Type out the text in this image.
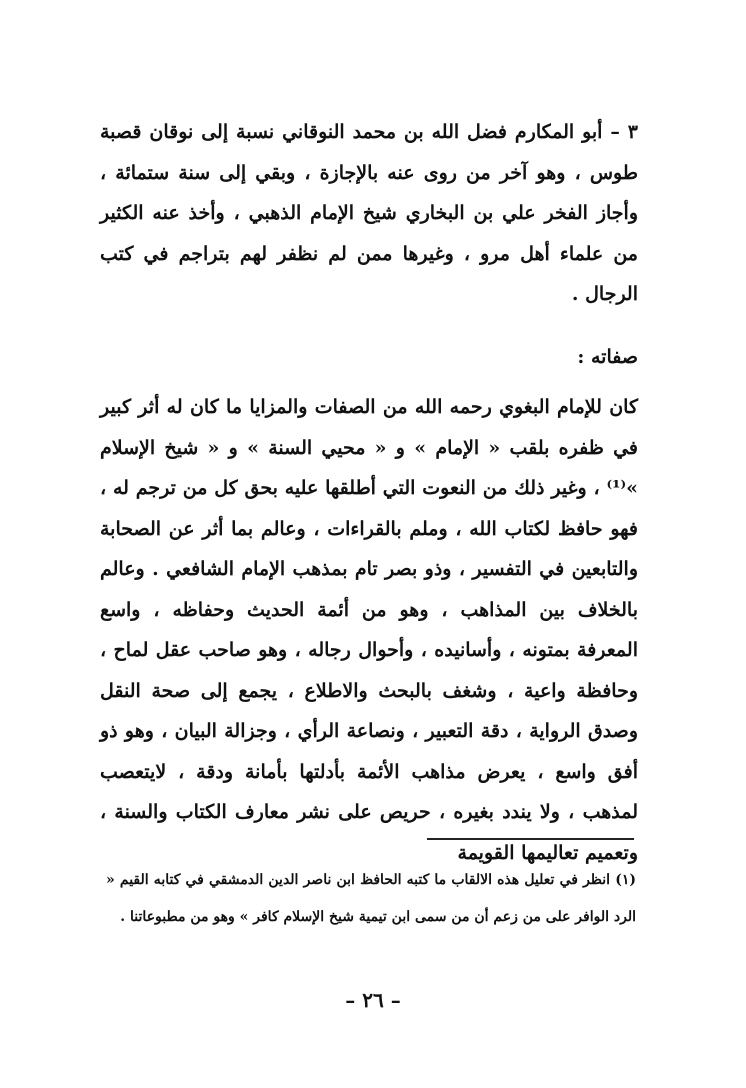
٣ – أبو المكارم فضل الله بن محمد النوقاني نسبة إلى نوقان قصبة طوس ، وهو آخر من روى عنه بالإجازة ، وبقي إلى سنة ستمائة ، وأجاز الفخر علي بن البخاري شيخ الإمام الذهبي ، وأخذ عنه الكثير من علماء أهل مرو ، وغيرها ممن لم نظفر لهم بتراجم في كتب الرجال .

صفاته :

كان للإمام البغوي رحمه الله من الصفات والمزايا ما كان له أثر كبير في ظفره بلقب « الإمام » و « محيي السنة » و « شيخ الإسلام »⁽¹⁾ ، وغير ذلك من النعوت التي أطلقها عليه بحق كل من ترجم له ، فهو حافظ لكتاب الله ، وملم بالقراءات ، وعالم بما أثر عن الصحابة والتابعين في التفسير ، وذو بصر تام بمذهب الإمام الشافعي . وعالم بالخلاف بين المذاهب ، وهو من أئمة الحديث وحفاظه ، واسع المعرفة بمتونه ، وأسانيده ، وأحوال رجاله ، وهو صاحب عقل لماح ، وحافظة واعية ، وشغف بالبحث والاطلاع ، يجمع إلى صحة النقل وصدق الرواية ، دقة التعبير ، ونصاعة الرأي ، وجزالة البيان ، وهو ذو أفق واسع ، يعرض مذاهب الأئمة بأدلتها بأمانة ودقة ، لايتعصب لمذهب ، ولا يندد بغيره ، حريص على نشر معارف الكتاب والسنة ، وتعميم تعاليمها القويمة

(١) انظر في تعليل هذه الالقاب ما كتبه الحافظ ابن ناصر الدين الدمشقي في كتابه القيم « الرد الوافر على من زعم أن من سمى ابن تيمية شيخ الإسلام كافر » وهو من مطبوعاتنا .

– ٢٦ –
